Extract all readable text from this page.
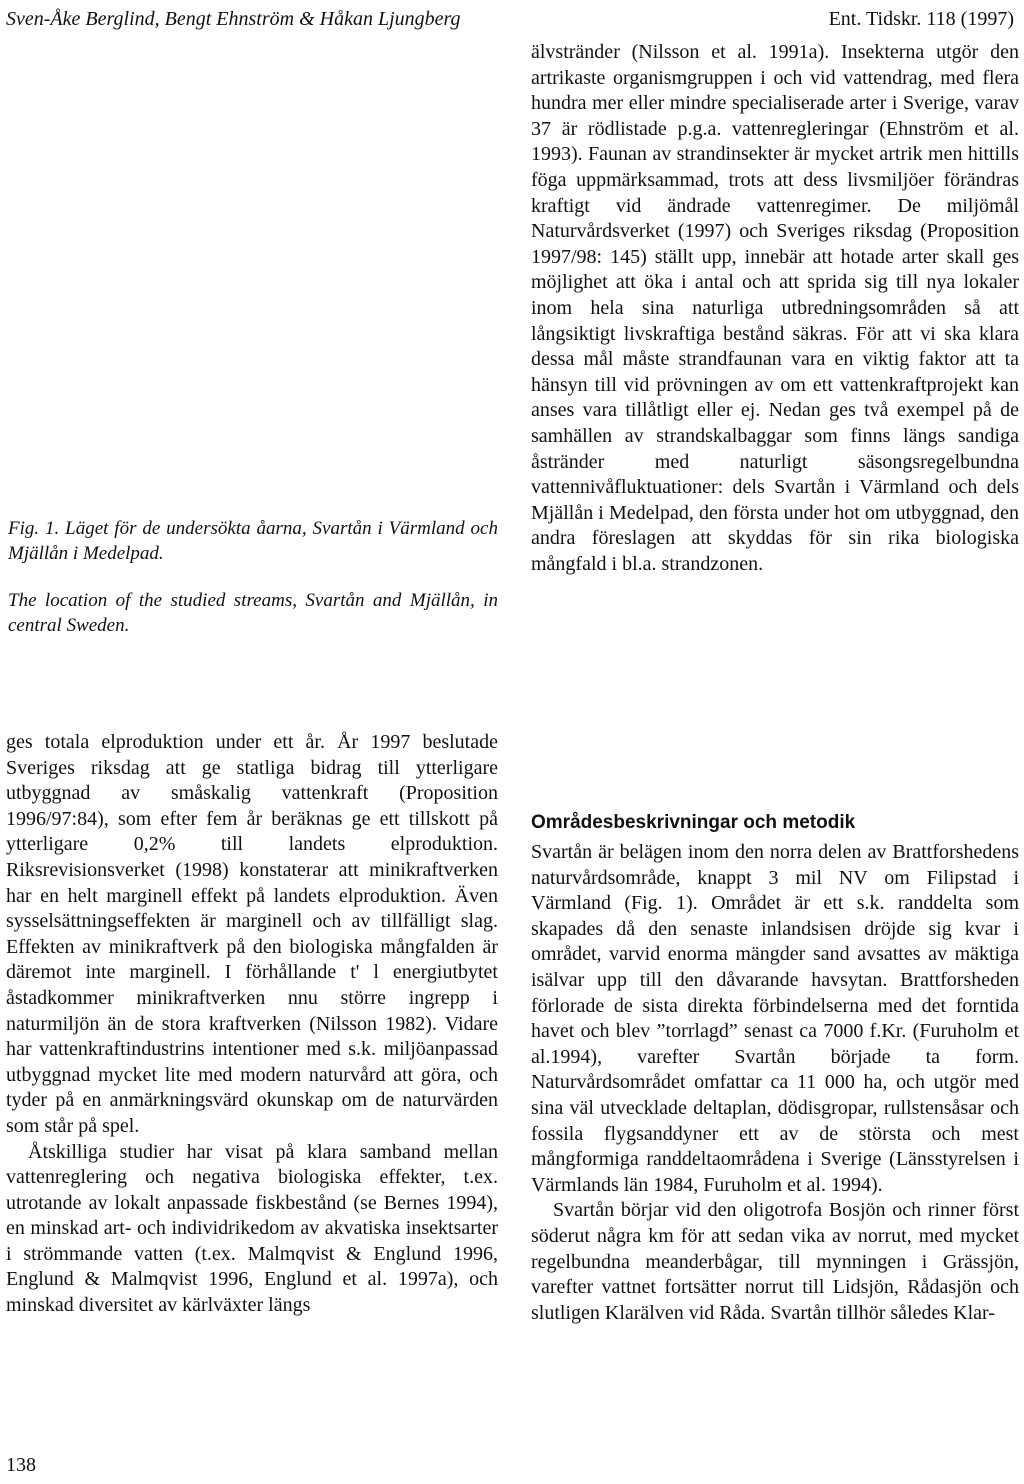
Sven-Åke Berglind, Bengt Ehnström & Håkan Ljungberg	Ent. Tidskr. 118 (1997)

älvstränder (Nilsson et al. 1991a). Insekterna utgör den artrikaste organismgruppen i och vid vattendrag, med flera hundra mer eller mindre specialiserade arter i Sverige, varav 37 är rödlistade p.g.a. vattenregleringar (Ehnström et al. 1993). Faunan av strandinsekter är mycket artrik men hittills föga uppmärksammad, trots att dess livsmiljöer förändras kraftigt vid ändrade vattenregimer. De miljömål Naturvårdsverket (1997) och Sveriges riksdag (Proposition 1997/98: 145) ställt upp, innebär att hotade arter skall ges möjlighet att öka i antal och att sprida sig till nya lokaler inom hela sina naturliga utbredningsområden så att långsiktigt livskraftiga bestånd säkras. För att vi ska klara dessa mål måste strandfaunan vara en viktig faktor att ta hänsyn till vid prövningen av om ett vattenkraftprojekt kan anses vara tillåtligt eller ej. Nedan ges två exempel på de samhällen av strandskalbaggar som finns längs sandiga åstränder med naturligt säsongsregelbundna vattennivåfluktuationer: dels Svartån i Värmland och dels Mjällån i Medelpad, den första under hot om utbyggnad, den andra föreslagen att skyddas för sin rika biologiska mångfald i bl.a. strandzonen.

Fig. 1. Läget för de undersökta åarna, Svartån i Värmland och Mjällån i Medelpad.

The location of the studied streams, Svartån and Mjällån, in central Sweden.

ges totala elproduktion under ett år. År 1997 beslutade Sveriges riksdag att ge statliga bidrag till ytterligare utbyggnad av småskalig vattenkraft (Proposition 1996/97:84), som efter fem år beräknas ge ett tillskott på ytterligare 0,2% till landets elproduktion. Riksrevisionsverket (1998) konstaterar att minikraftverken har en helt marginell effekt på landets elproduktion. Även sysselsättningseffekten är marginell och av tillfälligt slag. Effekten av minikraftverk på den biologiska mångfalden är däremot inte marginell. I förhållande t' l energiutbytet åstadkommer minikraftverken nnu större ingrepp i naturmiljön än de stora kraftverken (Nilsson 1982). Vidare har vattenkraftindustrins intentioner med s.k. miljöanpassad utbyggnad mycket lite med modern naturvård att göra, och tyder på en anmärkningsvärd okunskap om de naturvärden som står på spel.

Åtskilliga studier har visat på klara samband mellan vattenreglering och negativa biologiska effekter, t.ex. utrotande av lokalt anpassade fiskbestånd (se Bernes 1994), en minskad art- och individrikedom av akvatiska insektsarter i strömmande vatten (t.ex. Malmqvist & Englund 1996, Englund & Malmqvist 1996, Englund et al. 1997a), och minskad diversitet av kärlväxter längs

Områdesbeskrivningar och metodik

Svartån är belägen inom den norra delen av Brattforshedens naturvårdsområde, knappt 3 mil NV om Filipstad i Värmland (Fig. 1). Området är ett s.k. randdelta som skapades då den senaste inlandsisen dröjde sig kvar i området, varvid enorma mängder sand avsattes av mäktiga isälvar upp till den dåvarande havsytan. Brattforsheden förlorade de sista direkta förbindelserna med det forntida havet och blev ”torrlagd” senast ca 7000 f.Kr. (Furuholm et al.1994), varefter Svartån började ta form. Naturvårdsområdet omfattar ca 11 000 ha, och utgör med sina väl utvecklade deltaplan, dödisgropar, rullstensåsar och fossila flygsanddyner ett av de största och mest mångformiga randdeltaområdena i Sverige (Länsstyrelsen i Värmlands län 1984, Furuholm et al. 1994).

Svartån börjar vid den oligotrofa Bosjön och rinner först söderut några km för att sedan vika av norrut, med mycket regelbundna meanderbågar, till mynningen i Grässjön, varefter vattnet fortsätter norrut till Lidsjön, Rådasjön och slutligen Klarälven vid Råda. Svartån tillhör således Klar-

138
